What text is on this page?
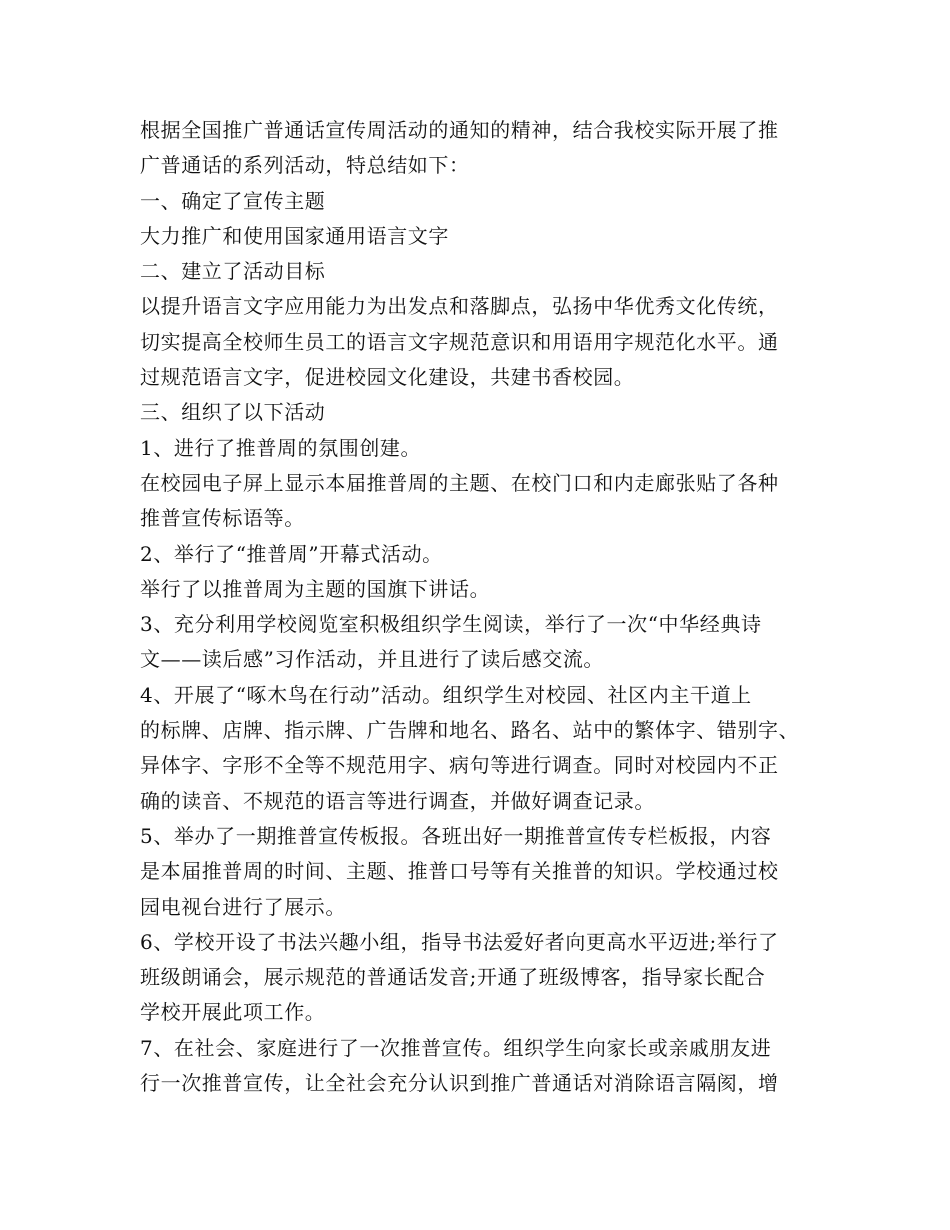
根据全国推广普通话宣传周活动的通知的精神，结合我校实际开展了推
广普通话的系列活动，特总结如下：
一、确定了宣传主题
大力推广和使用国家通用语言文字
二、建立了活动目标
以提升语言文字应用能力为出发点和落脚点，弘扬中华优秀文化传统，
切实提高全校师生员工的语言文字规范意识和用语用字规范化水平。通
过规范语言文字，促进校园文化建设，共建书香校园。
三、组织了以下活动
1、进行了推普周的氛围创建。
在校园电子屏上显示本届推普周的主题、在校门口和内走廊张贴了各种
推普宣传标语等。
2、举行了“推普周”开幕式活动。
举行了以推普周为主题的国旗下讲话。
3、充分利用学校阅览室积极组织学生阅读，举行了一次“中华经典诗
文——读后感”习作活动，并且进行了读后感交流。
4、开展了“啄木鸟在行动”活动。组织学生对校园、社区内主干道上
的标牌、店牌、指示牌、广告牌和地名、路名、站中的繁体字、错别字、
异体字、字形不全等不规范用字、病句等进行调查。同时对校园内不正
确的读音、不规范的语言等进行调查，并做好调查记录。
5、举办了一期推普宣传板报。各班出好一期推普宣传专栏板报，内容
是本届推普周的时间、主题、推普口号等有关推普的知识。学校通过校
园电视台进行了展示。
6、学校开设了书法兴趣小组，指导书法爱好者向更高水平迈进;举行了
班级朗诵会，展示规范的普通话发音;开通了班级博客，指导家长配合
学校开展此项工作。
7、在社会、家庭进行了一次推普宣传。组织学生向家长或亲戚朋友进
行一次推普宣传，让全社会充分认识到推广普通话对消除语言隔阂，增
